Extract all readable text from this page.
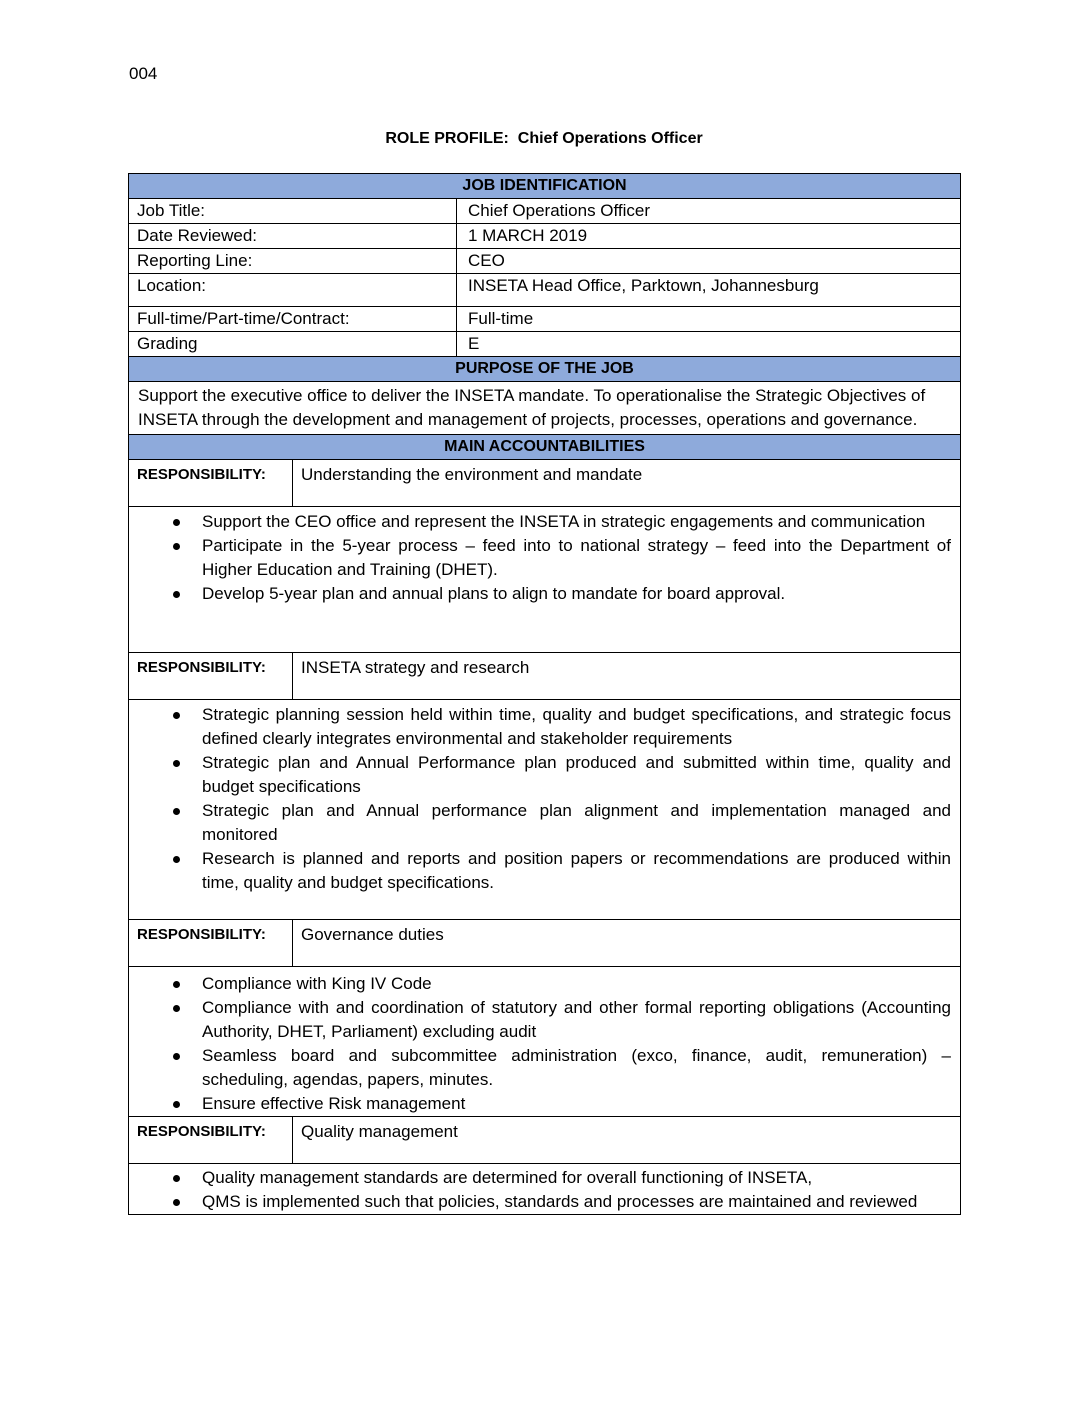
004
ROLE PROFILE: Chief Operations Officer
JOB IDENTIFICATION
Job Title:	Chief Operations Officer
Date Reviewed:	1 MARCH 2019
Reporting Line:	CEO
Location:	INSETA Head Office, Parktown, Johannesburg
Full-time/Part-time/Contract:	Full-time
Grading	E
PURPOSE OF THE JOB
Support the executive office to deliver the INSETA mandate. To operationalise the Strategic Objectives of INSETA through the development and management of projects, processes, operations and governance.
MAIN ACCOUNTABILITIES
RESPONSIBILITY:	Understanding the environment and mandate
Support the CEO office and represent the INSETA in strategic engagements and communication
Participate in the 5-year process – feed into to national strategy – feed into the Department of Higher Education and Training (DHET).
Develop 5-year plan and annual plans to align to mandate for board approval.
RESPONSIBILITY:	INSETA strategy and research
Strategic planning session held within time, quality and budget specifications, and strategic focus defined clearly integrates environmental and stakeholder requirements
Strategic plan and Annual Performance plan produced and submitted within time, quality and budget specifications
Strategic plan and Annual performance plan alignment and implementation managed and monitored
Research is planned and reports and position papers or recommendations are produced within time, quality and budget specifications.
RESPONSIBILITY:	Governance duties
Compliance with King IV Code
Compliance with and coordination of statutory and other formal reporting obligations (Accounting Authority, DHET, Parliament) excluding audit
Seamless board and subcommittee administration (exco, finance, audit, remuneration) – scheduling, agendas, papers, minutes.
Ensure effective Risk management
RESPONSIBILITY:	Quality management
Quality management standards are determined for overall functioning of INSETA,
QMS is implemented such that policies, standards and processes are maintained and reviewed
